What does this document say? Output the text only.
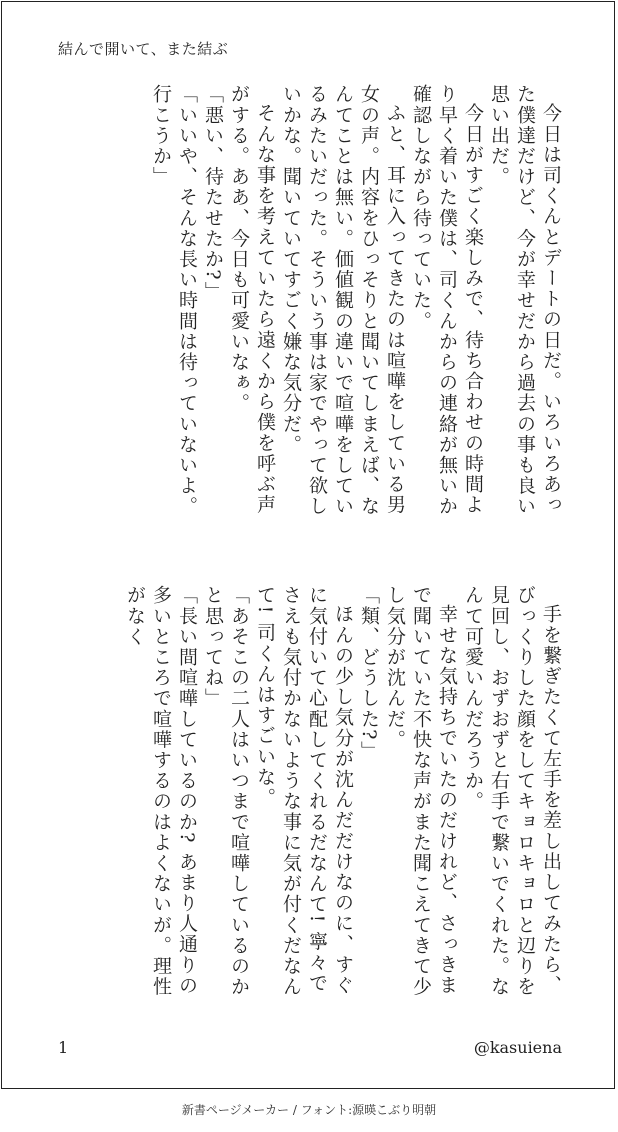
結んで開いて、また結ぶ

今日は司くんとデートの日だ。いろいろあった僕達だけど、今が幸せだから過去の事も良い思い出だ。

今日がすごく楽しみで、待ち合わせの時間より早く着いた僕は、司くんからの連絡が無いか確認しながら待っていた。

ふと、耳に入ってきたのは喧嘩をしている男女の声。内容をひっそりと聞いてしまえば、なんてことは無い。価値観の違いで喧嘩をしているみたいだった。そういう事は家でやって欲しいかな。聞いていてすごく嫌な気分だ。

そんな事を考えていたら遠くから僕を呼ぶ声がする。ああ、今日も可愛いなぁ。

「悪い、待たせたか?」

「いいや、そんな長い時間は待っていないよ。行こうか」

手を繋ぎたくて左手を差し出してみたら、びっくりした顔をしてキョロキョロと辺りを見回し、おずおずと右手で繋いでくれた。なんて可愛いんだろうか。

幸せな気持ちでいたのだけれど、さっきまで聞いていた不快な声がまた聞こえてきて少し気分が沈んだ。

「類、どうした?」

ほんの少し気分が沈んだだけなのに、すぐに気付いて心配してくれるだなんて! 寧々でさえも気付かないような事に気が付くだなんて! 司くんはすごいな。

「あそこの二人はいつまで喧嘩しているのかと思ってね」

「長い間喧嘩しているのか? あまり人通りの多いところで喧嘩するのはよくないが。理性がなく

1	@kasuiena
新書ページメーカー / フォント:源暎こぶり明朝
